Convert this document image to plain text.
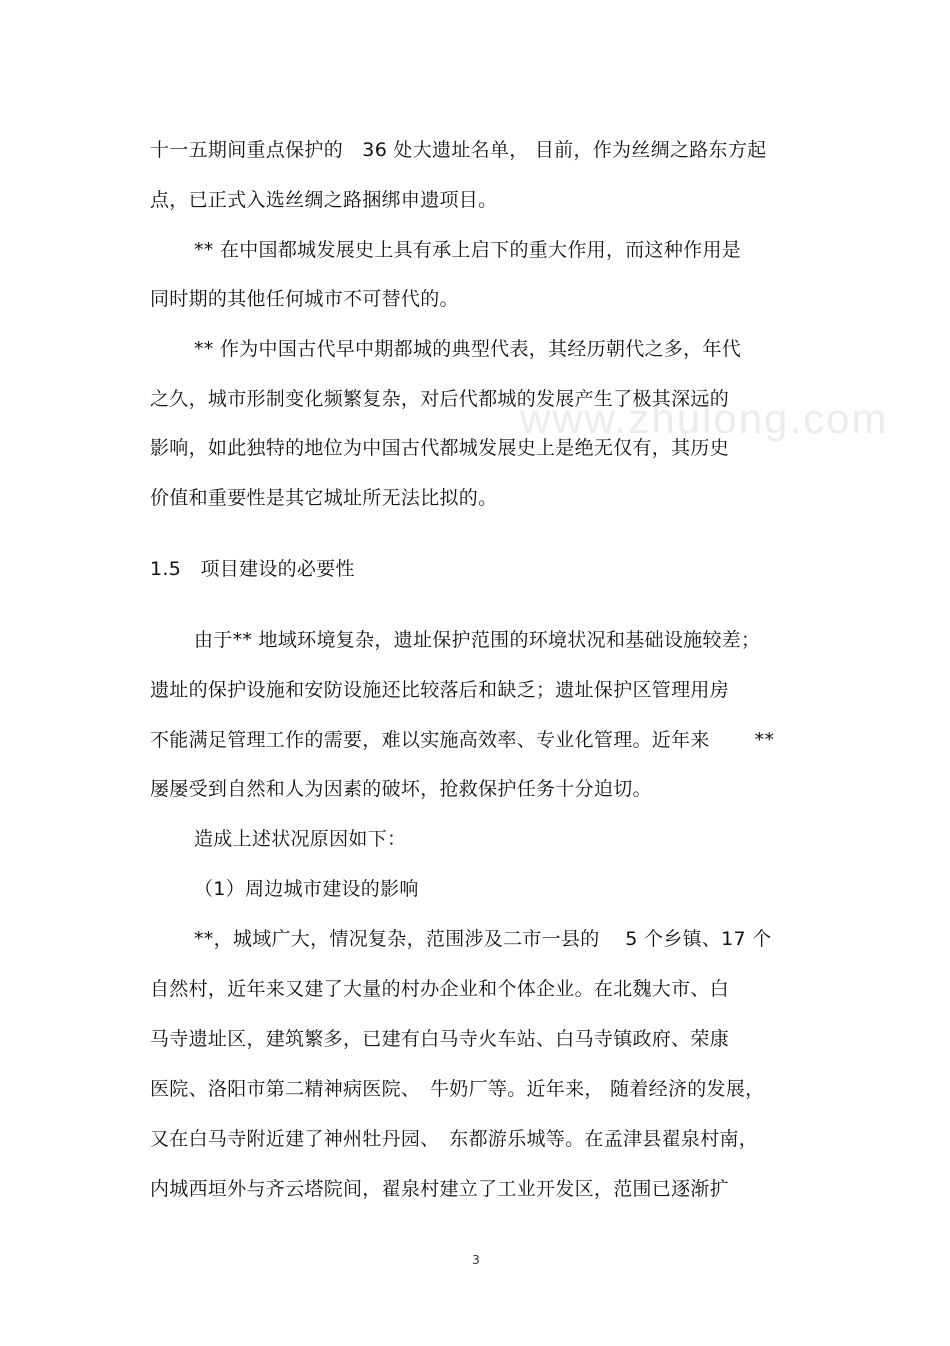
www.zhulong.com
十一五期间重点保护的　36 处大遗址名单， 目前，作为丝绸之路东方起
点，已正式入选丝绸之路捆绑申遗项目。
** 在中国都城发展史上具有承上启下的重大作用，而这种作用是
同时期的其他任何城市不可替代的。
** 作为中国古代早中期都城的典型代表，其经历朝代之多，年代
之久，城市形制变化频繁复杂，对后代都城的发展产生了极其深远的
影响，如此独特的地位为中国古代都城发展史上是绝无仅有，其历史
价值和重要性是其它城址所无法比拟的。
1.5　项目建设的必要性
由于** 地域环境复杂，遗址保护范围的环境状况和基础设施较差；
遗址的保护设施和安防设施还比较落后和缺乏；遗址保护区管理用房
不能满足管理工作的需要，难以实施高效率、专业化管理。近年来　　 **
屡屡受到自然和人为因素的破坏，抢救保护任务十分迫切。
造成上述状况原因如下：
（1）周边城市建设的影响
**，城域广大，情况复杂，范围涉及二市一县的　 5 个乡镇、17 个
自然村，近年来又建了大量的村办企业和个体企业。在北魏大市、白
马寺遗址区，建筑繁多，已建有白马寺火车站、白马寺镇政府、荣康
医院、洛阳市第二精神病医院、　牛奶厂等。近年来， 随着经济的发展，
又在白马寺附近建了神州牡丹园、　东都游乐城等。在孟津县翟泉村南，
内城西垣外与齐云塔院间，翟泉村建立了工业开发区，范围已逐渐扩
3
